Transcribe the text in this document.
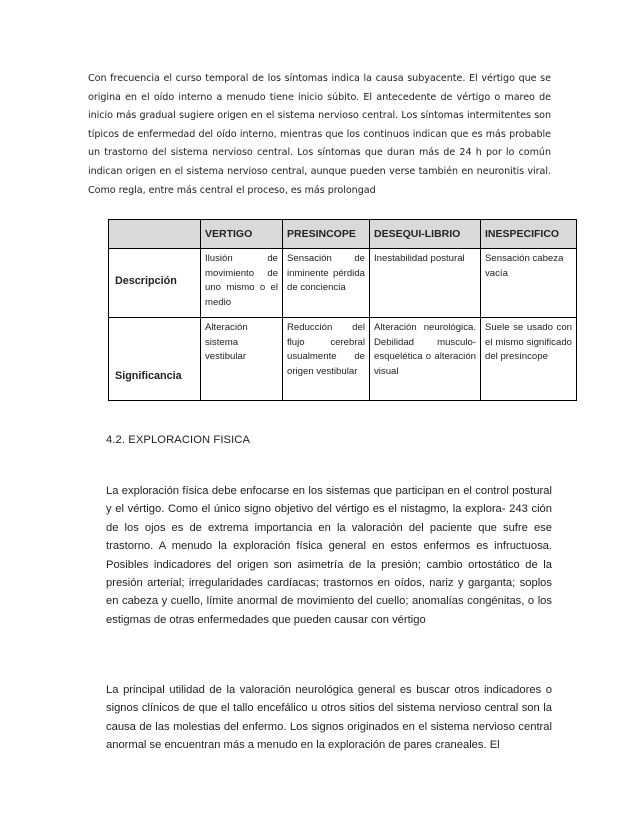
Con frecuencia el curso temporal de los síntomas indica la causa subyacente. El vértigo que se origina en el oído interno a menudo tiene inicio súbito. El antecedente de vértigo o mareo de inicio más gradual sugiere origen en el sistema nervioso central. Los síntomas intermitentes son típicos de enfermedad del oído interno, mientras que los continuos indican que es más probable un trastorno del sistema nervioso central. Los síntomas que duran más de 24 h por lo común indican origen en el sistema nervioso central, aunque pueden verse también en neuronitis viral. Como regla, entre más central el proceso, es más prolongad
	VERTIGO	PRESINCOPE	DESEQUI-LIBRIO	INESPECIFICO
Descripción	Ilusión de movimiento de uno mismo o el medio	Sensación de inminente pérdida de conciencia	Inestabilidad postural	Sensación cabeza vacía
Significancia	Alteración sistema vestibular	Reducción del flujo cerebral usualmente de origen vestibular	Alteración neurológica. Debilidad musculo-esquelética o alteración visual	Suele se usado con el mismo significado del presíncope
4.2. EXPLORACION FISICA
La exploración física debe enfocarse en los sistemas que participan en el control postural y el vértigo. Como el único signo objetivo del vértigo es el nistagmo, la explora- 243 ción de los ojos es de extrema importancia en la valoración del paciente que sufre ese trastorno. A menudo la exploración física general en estos enfermos es infructuosa. Posibles indicadores del origen son asimetría de la presión; cambio ortostático de la presión arterial; irregularidades cardíacas; trastornos en oídos, nariz y garganta; soplos en cabeza y cuello, límite anormal de movimiento del cuello; anomalías congénitas, o los estigmas de otras enfermedades que pueden causar con vértigo
La principal utilidad de la valoración neurológica general es buscar otros indicadores o signos clínicos de que el tallo encefálico u otros sitios del sistema nervioso central son la causa de las molestias del enfermo. Los signos originados en el sistema nervioso central anormal se encuentran más a menudo en la exploración de pares craneales. El
